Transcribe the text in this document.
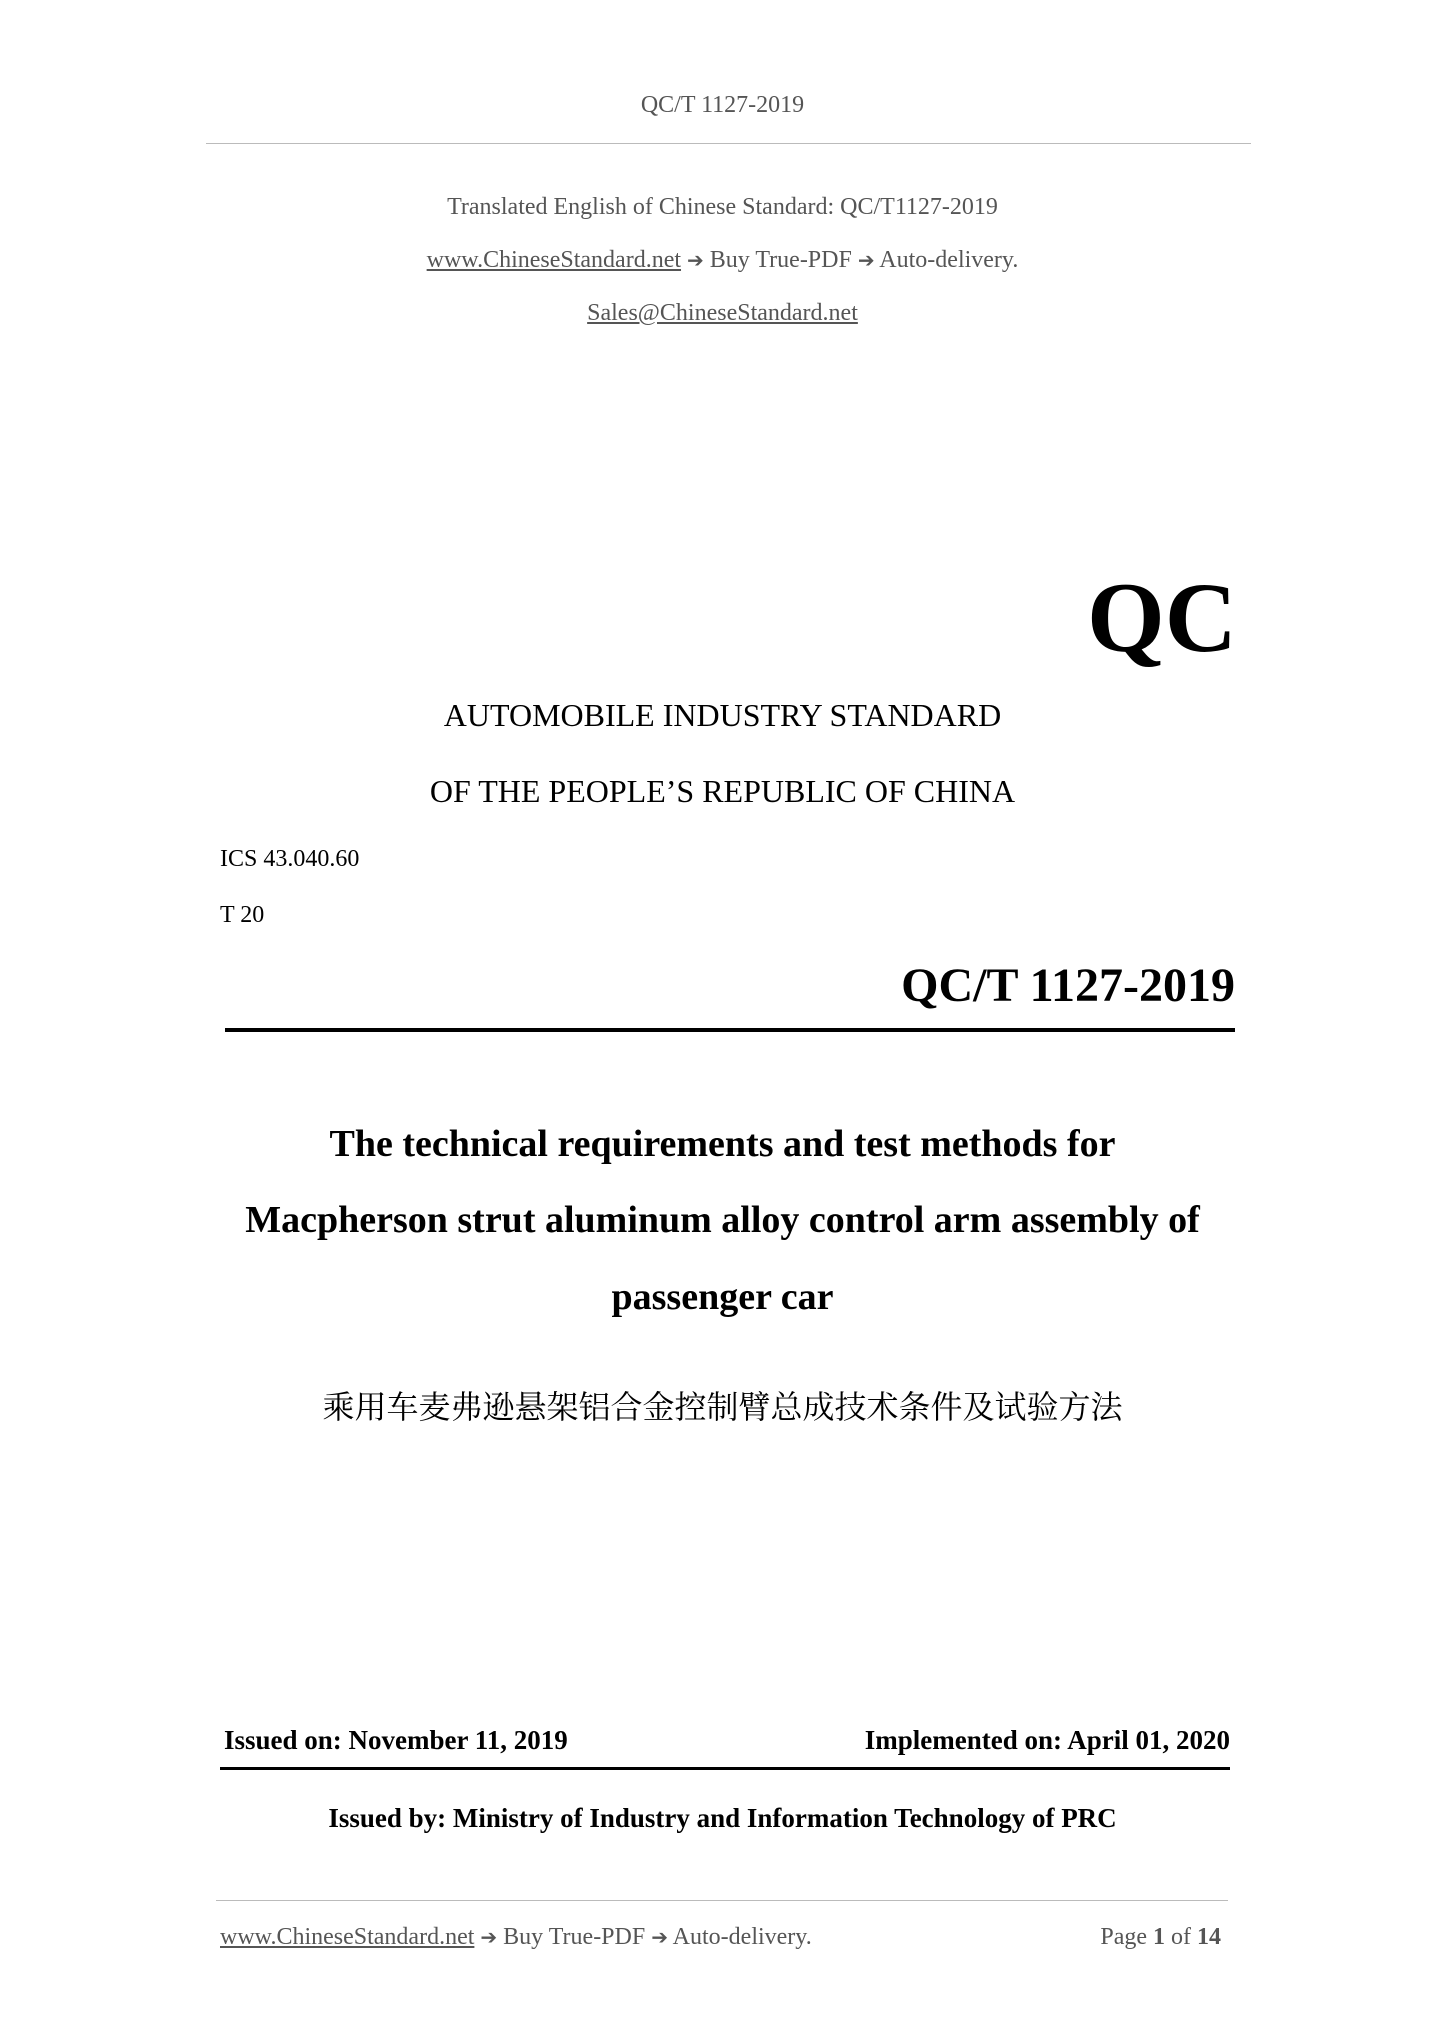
QC/T 1127-2019
Translated English of Chinese Standard: QC/T1127-2019
www.ChineseStandard.net ➔ Buy True-PDF ➔ Auto-delivery.
Sales@ChineseStandard.net
QC
AUTOMOBILE INDUSTRY STANDARD
OF THE PEOPLE’S REPUBLIC OF CHINA
ICS 43.040.60
T 20
QC/T 1127-2019
The technical requirements and test methods for
Macpherson strut aluminum alloy control arm assembly of
passenger car
乘用车麦弗逊悬架铝合金控制臂总成技术条件及试验方法
Issued on: November 11, 2019	Implemented on: April 01, 2020
Issued by: Ministry of Industry and Information Technology of PRC
www.ChineseStandard.net ➔ Buy True-PDF ➔ Auto-delivery.	Page 1 of 14
